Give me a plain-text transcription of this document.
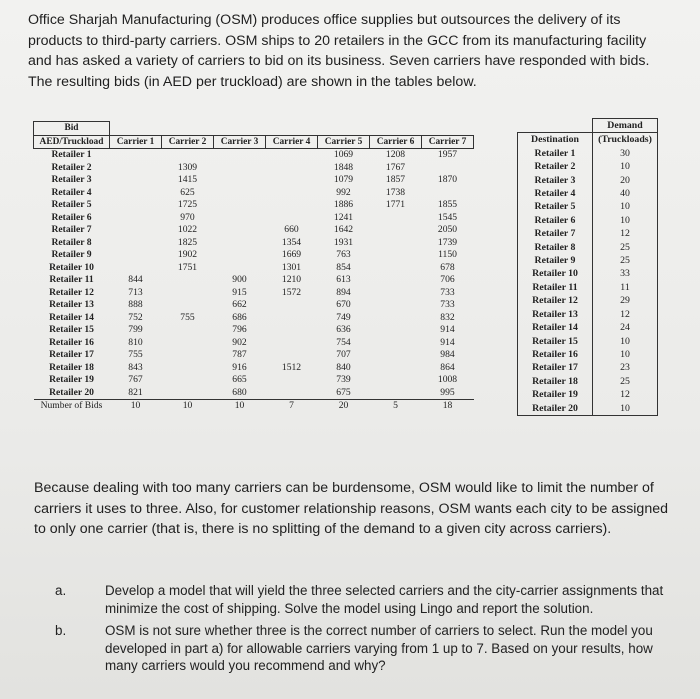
Office Sharjah Manufacturing (OSM) produces office supplies but outsources the delivery of its products to third-party carriers. OSM ships to 20 retailers in the GCC from its manufacturing facility and has asked a variety of carriers to bid on its business. Seven carriers have responded with bids. The resulting bids (in AED per truckload) are shown in the tables below.
Bid							
AED/Truckload	Carrier 1	Carrier 2	Carrier 3	Carrier 4	Carrier 5	Carrier 6	Carrier 7
Retailer 1					1069	1208	1957
Retailer 2		1309			1848	1767	
Retailer 3		1415			1079	1857	1870
Retailer 4		625			992	1738	
Retailer 5		1725			1886	1771	1855
Retailer 6		970			1241		1545
Retailer 7		1022		660	1642		2050
Retailer 8		1825		1354	1931		1739
Retailer 9		1902		1669	763		1150
Retailer 10		1751		1301	854		678
Retailer 11	844		900	1210	613		706
Retailer 12	713		915	1572	894		733
Retailer 13	888		662		670		733
Retailer 14	752	755	686		749		832
Retailer 15	799		796		636		914
Retailer 16	810		902		754		914
Retailer 17	755		787		707		984
Retailer 18	843		916	1512	840		864
Retailer 19	767		665		739		1008
Retailer 20	821		680		675		995
Number of Bids	10	10	10	7	20	5	18
	Demand
Destination	(Truckloads)
Retailer 1	30
Retailer 2	10
Retailer 3	20
Retailer 4	40
Retailer 5	10
Retailer 6	10
Retailer 7	12
Retailer 8	25
Retailer 9	25
Retailer 10	33
Retailer 11	11
Retailer 12	29
Retailer 13	12
Retailer 14	24
Retailer 15	10
Retailer 16	10
Retailer 17	23
Retailer 18	25
Retailer 19	12
Retailer 20	10
Because dealing with too many carriers can be burdensome, OSM would like to limit the number of carriers it uses to three. Also, for customer relationship reasons, OSM wants each city to be assigned to only one carrier (that is, there is no splitting of the demand to a given city across carriers).
a.	Develop a model that will yield the three selected carriers and the city-carrier assignments that minimize the cost of shipping. Solve the model using Lingo and report the solution.
b.	OSM is not sure whether three is the correct number of carriers to select. Run the model you developed in part a) for allowable carriers varying from 1 up to 7. Based on your results, how many carriers would you recommend and why?
